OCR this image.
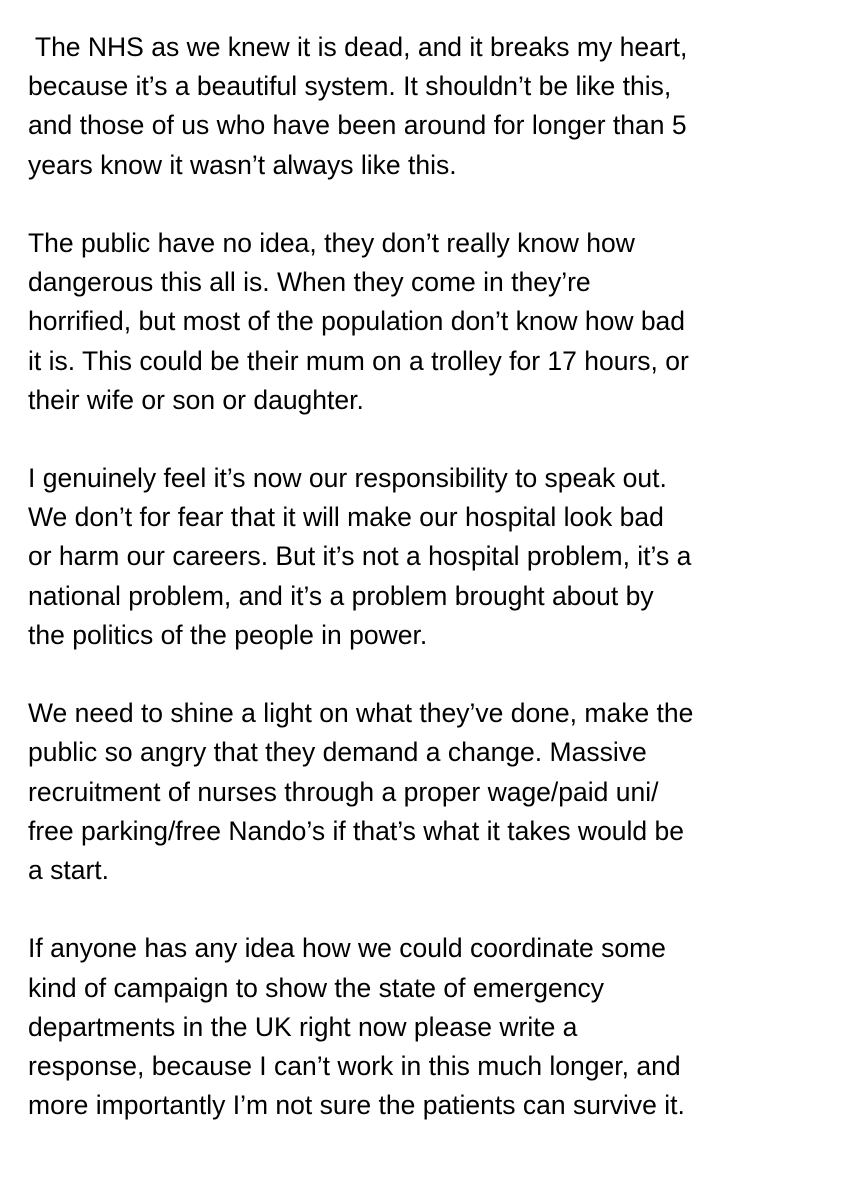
The NHS as we knew it is dead, and it breaks my heart,
because it’s a beautiful system. It shouldn’t be like this,
and those of us who have been around for longer than 5
years know it wasn’t always like this.
The public have no idea, they don’t really know how
dangerous this all is. When they come in they’re
horrified, but most of the population don’t know how bad
it is. This could be their mum on a trolley for 17 hours, or
their wife or son or daughter.
I genuinely feel it’s now our responsibility to speak out.
We don’t for fear that it will make our hospital look bad
or harm our careers. But it’s not a hospital problem, it’s a
national problem, and it’s a problem brought about by
the politics of the people in power.
We need to shine a light on what they’ve done, make the
public so angry that they demand a change. Massive
recruitment of nurses through a proper wage/paid uni/
free parking/free Nando’s if that’s what it takes would be
a start.
If anyone has any idea how we could coordinate some
kind of campaign to show the state of emergency
departments in the UK right now please write a
response, because I can’t work in this much longer, and
more importantly I’m not sure the patients can survive it.
